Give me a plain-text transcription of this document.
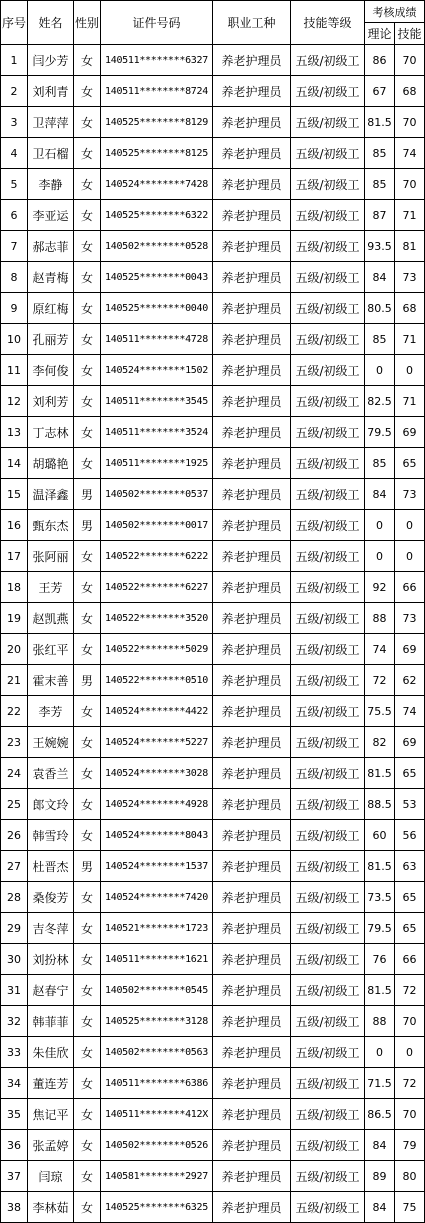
序号	姓名	性别	证件号码	职业工种	技能等级	考核成绩	
						理论	技能
1	闫少芳	女	140511********6327	养老护理员	五级/初级工	86	70
2	刘利青	女	140511********8724	养老护理员	五级/初级工	67	68
3	卫萍萍	女	140525********8129	养老护理员	五级/初级工	81.5	70
4	卫石榴	女	140525********8125	养老护理员	五级/初级工	85	74
5	李静	女	140524********7428	养老护理员	五级/初级工	85	70
6	李亚运	女	140525********6322	养老护理员	五级/初级工	87	71
7	郝志菲	女	140502********0528	养老护理员	五级/初级工	93.5	81
8	赵青梅	女	140525********0043	养老护理员	五级/初级工	84	73
9	原红梅	女	140525********0040	养老护理员	五级/初级工	80.5	68
10	孔丽芳	女	140511********4728	养老护理员	五级/初级工	85	71
11	李何俊	女	140524********1502	养老护理员	五级/初级工	0	0
12	刘利芳	女	140511********3545	养老护理员	五级/初级工	82.5	71
13	丁志林	女	140511********3524	养老护理员	五级/初级工	79.5	69
14	胡璐艳	女	140511********1925	养老护理员	五级/初级工	85	65
15	温泽鑫	男	140502********0537	养老护理员	五级/初级工	84	73
16	甄东杰	男	140502********0017	养老护理员	五级/初级工	0	0
17	张阿丽	女	140522********6222	养老护理员	五级/初级工	0	0
18	王芳	女	140522********6227	养老护理员	五级/初级工	92	66
19	赵凯燕	女	140522********3520	养老护理员	五级/初级工	88	73
20	张红平	女	140522********5029	养老护理员	五级/初级工	74	69
21	霍末善	男	140522********0510	养老护理员	五级/初级工	72	62
22	李芳	女	140524********4422	养老护理员	五级/初级工	75.5	74
23	王婉婉	女	140524********5227	养老护理员	五级/初级工	82	69
24	袁香兰	女	140524********3028	养老护理员	五级/初级工	81.5	65
25	郎文玲	女	140524********4928	养老护理员	五级/初级工	88.5	53
26	韩雪玲	女	140524********8043	养老护理员	五级/初级工	60	56
27	杜晋杰	男	140524********1537	养老护理员	五级/初级工	81.5	63
28	桑俊芳	女	140524********7420	养老护理员	五级/初级工	73.5	65
29	吉冬萍	女	140521********1723	养老护理员	五级/初级工	79.5	65
30	刘扮林	女	140511********1621	养老护理员	五级/初级工	76	66
31	赵春宁	女	140502********0545	养老护理员	五级/初级工	81.5	72
32	韩菲菲	女	140525********3128	养老护理员	五级/初级工	88	70
33	朱佳欣	女	140502********0563	养老护理员	五级/初级工	0	0
34	董连芳	女	140511********6386	养老护理员	五级/初级工	71.5	72
35	焦记平	女	140511********412X	养老护理员	五级/初级工	86.5	70
36	张孟婷	女	140502********0526	养老护理员	五级/初级工	84	79
37	闫琼	女	140581********2927	养老护理员	五级/初级工	89	80
38	李林茹	女	140525********6325	养老护理员	五级/初级工	84	75
